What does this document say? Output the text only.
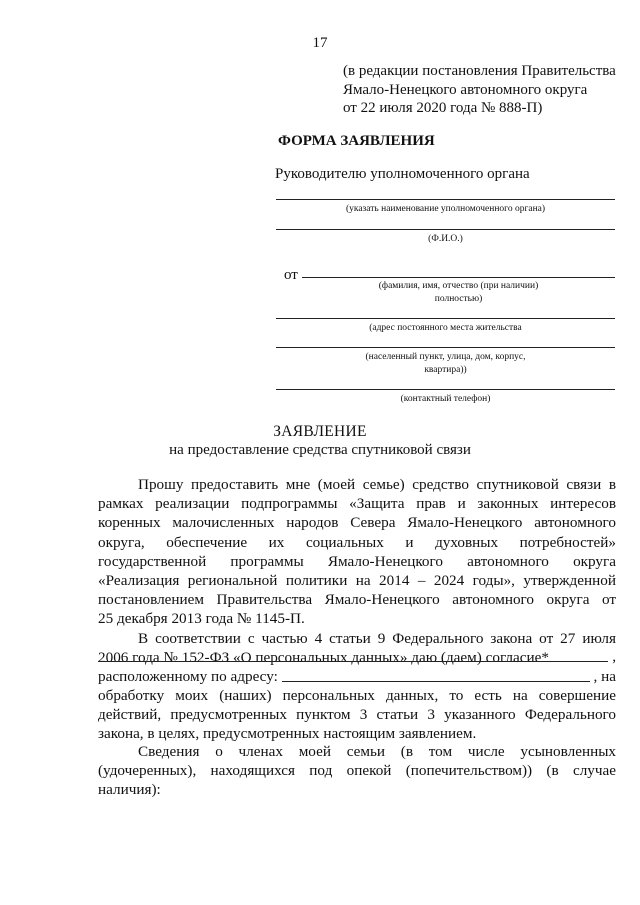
17
(в редакции постановления Правительства
Ямало-Ненецкого автономного округа
от 22 июля 2020 года № 888-П)
ФОРМА ЗАЯВЛЕНИЯ
Руководителю уполномоченного органа
(указать наименование уполномоченного органа)
(Ф.И.О.)
от
(фамилия, имя, отчество (при наличии)
полностью)
(адрес постоянного места жительства
(населенный пункт, улица, дом, корпус,
квартира))
(контактный телефон)
ЗАЯВЛЕНИЕ
на предоставление средства спутниковой связи
Прошу предоставить мне (моей семье) средство спутниковой связи в
рамках реализации подпрограммы «Защита прав и законных интересов
коренных малочисленных народов Севера Ямало-Ненецкого автономного
округа, обеспечение их социальных и духовных потребностей»
государственной программы Ямало-Ненецкого автономного округа
«Реализация региональной политики на 2014 – 2024 годы», утвержденной
постановлением Правительства Ямало-Ненецкого автономного округа от
25 декабря 2013 года № 1145-П.
В соответствии с частью 4 статьи 9 Федерального закона от 27 июля
2006 года № 152-ФЗ «О персональных данных» даю (даем) согласие*	,
расположенному по адресу:	, на
обработку моих (наших) персональных данных, то есть на совершение
действий, предусмотренных пунктом 3 статьи 3 указанного Федерального
закона, в целях, предусмотренных настоящим заявлением.
Сведения о членах моей семьи (в том числе усыновленных
(удочеренных), находящихся под опекой (попечительством)) (в случае
наличия):
